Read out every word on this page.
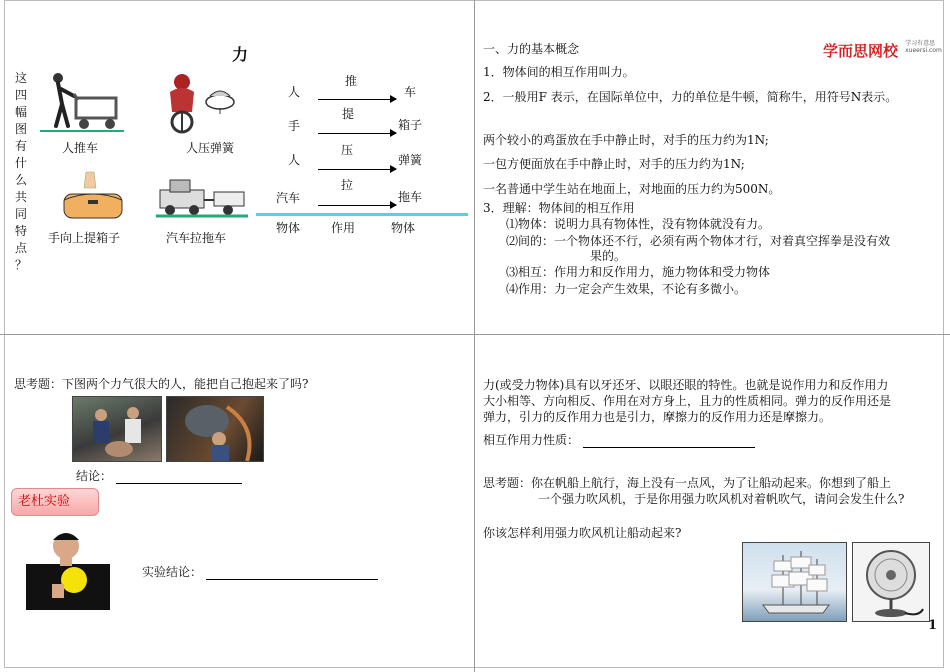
力
这
四
幅
图
有
什
么
共
同
特
点
？
人推车	人压弹簧
手向上提箱子	汽车拉拖车
人
推
车
手
提
箱子
人
压
弹簧
汽车
拉
拖车
物体	作用	物体
学而思网校 学习有意思
xueersi.com
一、力的基本概念
1．物体间的相互作用叫力。
2．一般用F 表示，在国际单位中，力的单位是牛顿，简称牛，用符号N表示。
两个较小的鸡蛋放在手中静止时，对手的压力约为1N;
一包方便面放在手中静止时，对手的压力约为1N;
一名普通中学生站在地面上，对地面的压力约为500N。
3．理解：物体间的相互作用
⑴物体：说明力具有物体性，没有物体就没有力。
⑵间的：一个物体还不行，必须有两个物体才行，对着真空挥拳是没有效
果的。
⑶相互：作用力和反作用力，施力物体和受力物体
⑷作用：力一定会产生效果，不论有多微小。
思考题：下图两个力气很大的人，能把自己抱起来了吗?
结论：
老杜实验
实验结论：
力(或受力物体)具有以牙还牙、以眼还眼的特性。也就是说作用力和反作用力
大小相等、方向相反、作用在对方身上，且力的性质相同。弹力的反作用还是
弹力，引力的反作用力也是引力，摩擦力的反作用力还是摩擦力。
相互作用力性质：
思考题：你在帆船上航行，海上没有一点风，为了让船动起来。你想到了船上
一个强力吹风机，于是你用强力吹风机对着帆吹气，请问会发生什么?
你该怎样利用强力吹风机让船动起来?
1
